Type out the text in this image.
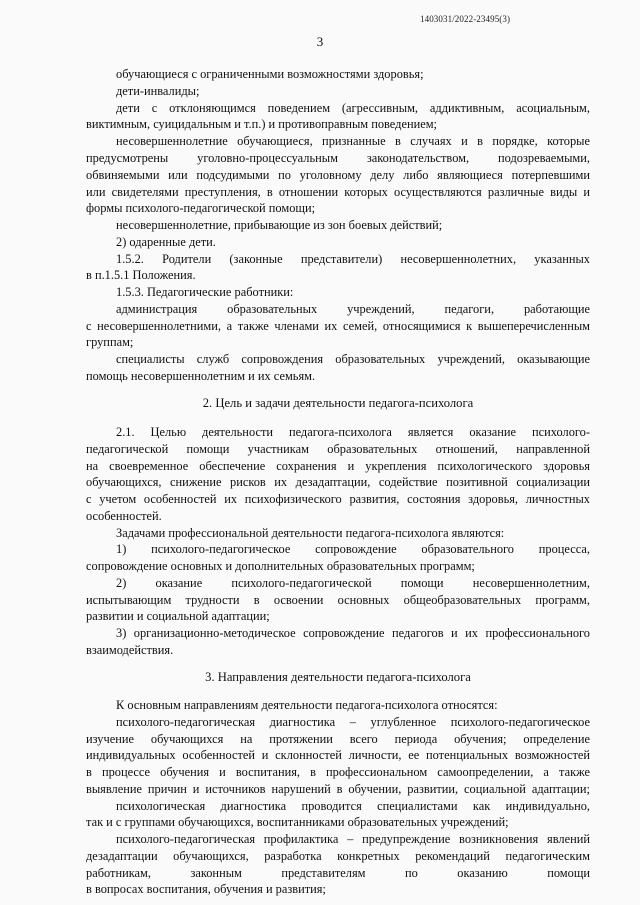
1403031/2022-23495(3)
3
обучающиеся с ограниченными возможностями здоровья;
дети-инвалиды;
дети с отклоняющимся поведением (агрессивным, аддиктивным, асоциальным,
виктимным, суицидальным и т.п.) и противоправным поведением;
несовершеннолетние обучающиеся, признанные в случаях и в порядке, которые
предусмотрены уголовно-процессуальным законодательством, подозреваемыми,
обвиняемыми или подсудимыми по уголовному делу либо являющиеся потерпевшими
или свидетелями преступления, в отношении которых осуществляются различные виды и
формы психолого-педагогической помощи;
несовершеннолетние, прибывающие из зон боевых действий;
2) одаренные дети.
1.5.2. Родители (законные представители) несовершеннолетних, указанных
в п.1.5.1 Положения.
1.5.3. Педагогические работники:
администрация образовательных учреждений, педагоги, работающие
с несовершеннолетними, а также членами их семей, относящимися к вышеперечисленным
группам;
специалисты служб сопровождения образовательных учреждений, оказывающие
помощь несовершеннолетним и их семьям.
2. Цель и задачи деятельности педагога-психолога
2.1. Целью деятельности педагога-психолога является оказание психолого-
педагогической помощи участникам образовательных отношений, направленной
на своевременное обеспечение сохранения и укрепления психологического здоровья
обучающихся, снижение рисков их дезадаптации, содействие позитивной социализации
с учетом особенностей их психофизического развития, состояния здоровья, личностных
особенностей.
Задачами профессиональной деятельности педагога-психолога являются:
1) психолого-педагогическое сопровождение образовательного процесса,
сопровождение основных и дополнительных образовательных программ;
2) оказание психолого-педагогической помощи несовершеннолетним,
испытывающим трудности в освоении основных общеобразовательных программ,
развитии и социальной адаптации;
3) организационно-методическое сопровождение педагогов и их профессионального
взаимодействия.
3. Направления деятельности педагога-психолога
К основным направлениям деятельности педагога-психолога относятся:
психолого-педагогическая диагностика – углубленное психолого-педагогическое
изучение обучающихся на протяжении всего периода обучения; определение
индивидуальных особенностей и склонностей личности, ее потенциальных возможностей
в процессе обучения и воспитания, в профессиональном самоопределении, а также
выявление причин и источников нарушений в обучении, развитии, социальной адаптации;
психологическая диагностика проводится специалистами как индивидуально,
так и с группами обучающихся, воспитанниками образовательных учреждений;
психолого-педагогическая профилактика – предупреждение возникновения явлений
дезадаптации обучающихся, разработка конкретных рекомендаций педагогическим
работникам, законным представителям по оказанию помощи
в вопросах воспитания, обучения и развития;
